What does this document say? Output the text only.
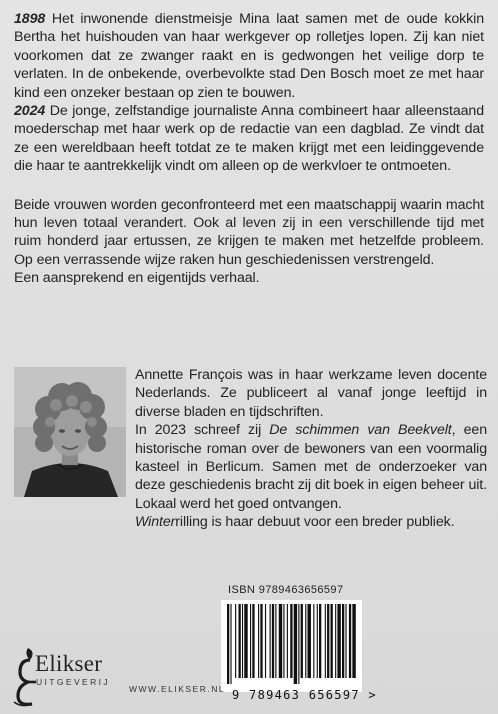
1898 Het inwonende dienstmeisje Mina laat samen met de oude kokkin Bertha het huishouden van haar werkgever op rolletjes lopen. Zij kan niet voorkomen dat ze zwanger raakt en is gedwongen het veilige dorp te verlaten. In de onbekende, overbevolkte stad Den Bosch moet ze met haar kind een onzeker bestaan op zien te bouwen.

2024 De jonge, zelfstandige journaliste Anna combineert haar alleenstaand moederschap met haar werk op de redactie van een dagblad. Ze vindt dat ze een wereldbaan heeft totdat ze te maken krijgt met een leidinggevende die haar te aantrekkelijk vindt om alleen op de werkvloer te ontmoeten.

Beide vrouwen worden geconfronteerd met een maatschappij waarin macht hun leven totaal verandert. Ook al leven zij in een verschillende tijd met ruim honderd jaar ertussen, ze krijgen te maken met hetzelfde probleem. Op een verrassende wijze raken hun geschiedenissen verstrengeld.

Een aansprekend en eigentijds verhaal.

Annette François was in haar werkzame leven docente Nederlands. Ze publiceert al vanaf jonge leeftijd in diverse bladen en tijdschriften.

In 2023 schreef zij De schimmen van Beekvelt, een historische roman over de bewoners van een voormalig kasteel in Berlicum. Samen met de onderzoeker van deze geschiedenis bracht zij dit boek in eigen beheer uit. Lokaal werd het goed ontvangen.

Winterrilling is haar debuut voor een breder publiek.

ISBN 9789463656597
9 789463 656597 >
Elikser
UITGEVERIJ
WWW.ELIKSER.NL
